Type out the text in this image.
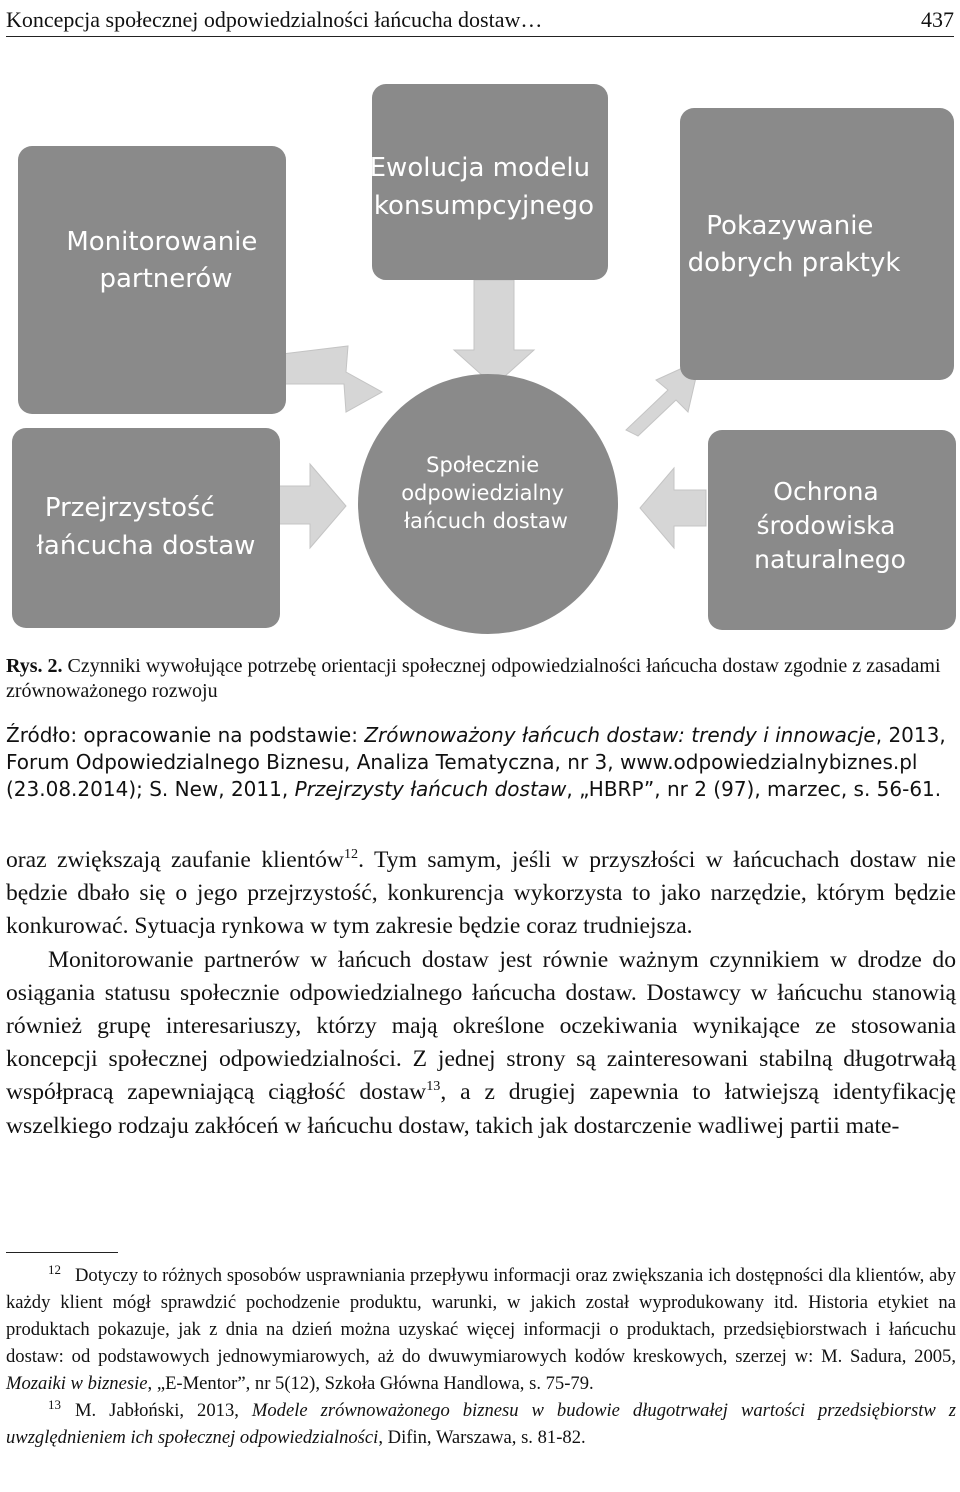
Koncepcja społecznej odpowiedzialności łańcucha dostaw…	437
Monitorowanie partnerów
Ewolucja modelu konsumpcyjnego
Pokazywanie dobrych praktyk
Przejrzystość łańcucha dostaw
Ochrona środowiska naturalnego
Społecznie odpowiedzialny łańcuch dostaw
Rys. 2. Czynniki wywołujące potrzebę orientacji społecznej odpowiedzialności łańcucha dostaw zgodnie z zasadami zrównoważonego rozwoju
Źródło: opracowanie na podstawie: Zrównoważony łańcuch dostaw: trendy i innowacje, 2013, Forum Odpowiedzialnego Biznesu, Analiza Tematyczna, nr 3, www.odpowiedzialnybiznes.pl (23.08.2014); S. New, 2011, Przejrzysty łańcuch dostaw, „HBRP”, nr 2 (97), marzec, s. 56-61.

oraz zwiększają zaufanie klientów$^{12}$. Tym samym, jeśli w przyszłości w łańcuchach dostaw nie będzie dbało się o jego przejrzystość, konkurencja wykorzysta to jako narzędzie, którym będzie konkurować. Sytuacja rynkowa w tym zakresie będzie coraz trudniejsza.

Monitorowanie partnerów w łańcuch dostaw jest równie ważnym czynnikiem w drodze do osiągania statusu społecznie odpowiedzialnego łańcucha dostaw. Dostawcy w łańcuchu stanowią również grupę interesariuszy, którzy mają określone oczekiwania wynikające ze stosowania koncepcji społecznej odpowiedzialności. Z jednej strony są zainteresowani stabilną długotrwałą współpracą zapewniającą ciągłość dostaw$^{13}$, a z drugiej zapewnia to łatwiejszą identyfikację wszelkiego rodzaju zakłóceń w łańcuchu dostaw, takich jak dostarczenie wadliwej partii mate-

$^{12}$ Dotyczy to różnych sposobów usprawniania przepływu informacji oraz zwiększania ich dostępności dla klientów, aby każdy klient mógł sprawdzić pochodzenie produktu, warunki, w jakich został wyprodukowany itd. Historia etykiet na produktach pokazuje, jak z dnia na dzień można uzyskać więcej informacji o produktach, przedsiębiorstwach i łańcuchu dostaw: od podstawowych jednowymiarowych, aż do dwuwymiarowych kodów kreskowych, szerzej w: M. Sadura, 2005, Mozaiki w biznesie, „E-Mentor”, nr 5(12), Szkoła Główna Handlowa, s. 75-79.

$^{13}$ M. Jabłoński, 2013, Modele zrównoważonego biznesu w budowie długotrwałej wartości przedsiębiorstw z uwzględnieniem ich społecznej odpowiedzialności, Difin, Warszawa, s. 81-82.
